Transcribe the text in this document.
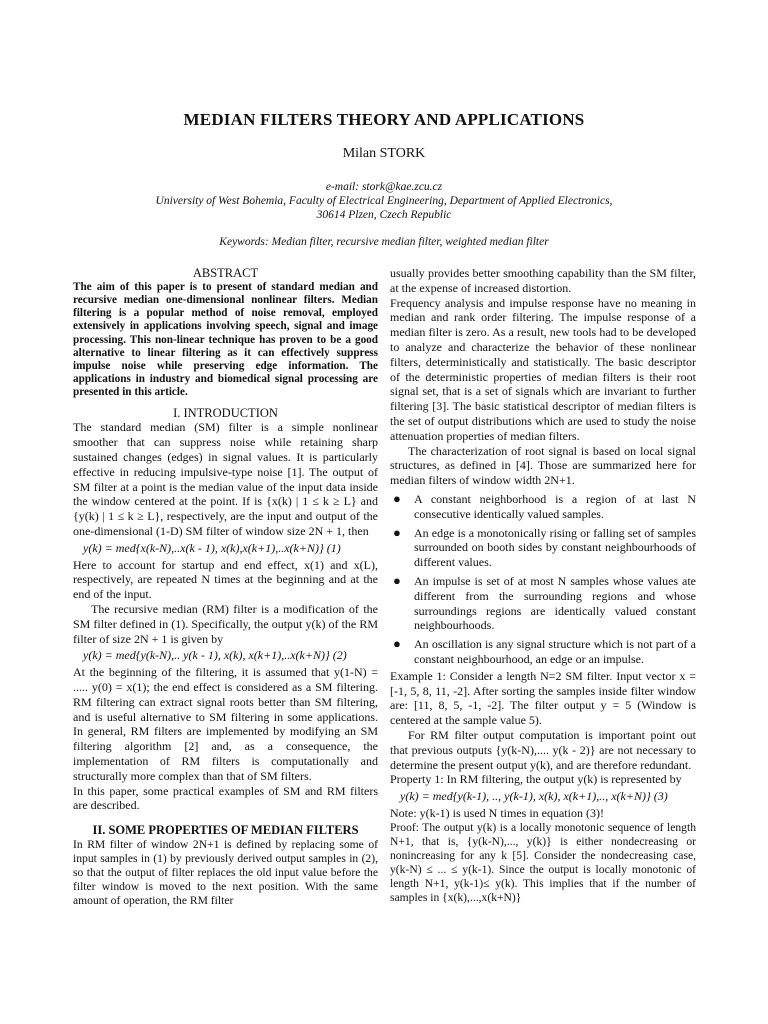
MEDIAN FILTERS THEORY AND APPLICATIONS
Milan STORK
e-mail: stork@kae.zcu.cz
University of West Bohemia, Faculty of Electrical Engineering, Department of Applied Electronics,
30614 Plzen, Czech Republic
Keywords: Median filter, recursive median filter, weighted median filter

ABSTRACT

The aim of this paper is to present of standard median and recursive median one-dimensional nonlinear filters. Median filtering is a popular method of noise removal, employed extensively in applications involving speech, signal and image processing. This non-linear technique has proven to be a good alternative to linear filtering as it can effectively suppress impulse noise while preserving edge information. The applications in industry and biomedical signal processing are presented in this article.

I. INTRODUCTION

The standard median (SM) filter is a simple nonlinear smoother that can suppress noise while retaining sharp sustained changes (edges) in signal values. It is particularly effective in reducing impulsive-type noise [1]. The output of SM filter at a point is the median value of the input data inside the window centered at the point. If is {x(k) | 1 ≤ k ≥ L} and {y(k) | 1 ≤ k ≥ L}, respectively, are the input and output of the one-dimensional (1-D) SM filter of window size 2N + 1, then

y(k) = med{x(k-N),..x(k - 1), x(k),x(k+1),..x(k+N)} (1)

Here to account for startup and end effect, x(1) and x(L), respectively, are repeated N times at the beginning and at the end of the input.

The recursive median (RM) filter is a modification of the SM filter defined in (1). Specifically, the output y(k) of the RM filter of size 2N + 1 is given by

y(k) = med{y(k-N),.. y(k - 1), x(k), x(k+1),..x(k+N)} (2)

At the beginning of the filtering, it is assumed that y(1-N) = ..... y(0) = x(1); the end effect is considered as a SM filtering. RM filtering can extract signal roots better than SM filtering, and is useful alternative to SM filtering in some applications. In general, RM filters are implemented by modifying an SM filtering algorithm [2] and, as a consequence, the implementation of RM filters is computationally and structurally more complex than that of SM filters.

In this paper, some practical examples of SM and RM filters are described.

II. SOME PROPERTIES OF MEDIAN FILTERS

In RM filter of window 2N+1 is defined by replacing some of input samples in (1) by previously derived output samples in (2), so that the output of filter replaces the old input value before the filter window is moved to the next position. With the same amount of operation, the RM filter

usually provides better smoothing capability than the SM filter, at the expense of increased distortion.

Frequency analysis and impulse response have no meaning in median and rank order filtering. The impulse response of a median filter is zero. As a result, new tools had to be developed to analyze and characterize the behavior of these nonlinear filters, deterministically and statistically. The basic descriptor of the deterministic properties of median filters is their root signal set, that is a set of signals which are invariant to further filtering [3]. The basic statistical descriptor of median filters is the set of output distributions which are used to study the noise attenuation properties of median filters.

The characterization of root signal is based on local signal structures, as defined in [4]. Those are summarized here for median filters of window width 2N+1.

● A constant neighborhood is a region of at last N consecutive identically valued samples.
● An edge is a monotonically rising or falling set of samples surrounded on booth sides by constant neighbourhoods of different values.
● An impulse is set of at most N samples whose values ate different from the surrounding regions and whose surroundings regions are identically valued constant neighbourhoods.
● An oscillation is any signal structure which is not part of a constant neighbourhood, an edge or an impulse.

Example 1: Consider a length N=2 SM filter. Input vector x = [-1, 5, 8, 11, -2]. After sorting the samples inside filter window are: [11, 8, 5, -1, -2]. The filter output y = 5 (Window is centered at the sample value 5).

For RM filter output computation is important point out that previous outputs {y(k-N),.... y(k - 2)} are not necessary to determine the present output y(k), and are therefore redundant.

Property 1: In RM filtering, the output y(k) is represented by

y(k) = med{y(k-1), .., y(k-1), x(k), x(k+1),.., x(k+N)} (3)

Note: y(k-1) is used N times in equation (3)!

Proof: The output y(k) is a locally monotonic sequence of length N+1, that is, {y(k-N),..., y(k)} is either nondecreasing or nonincreasing for any k [5]. Consider the nondecreasing case, y(k-N) ≤ ... ≤ y(k-1). Since the output is locally monotonic of length N+1, y(k-1)≤ y(k). This implies that if the number of samples in {x(k),...,x(k+N)}
